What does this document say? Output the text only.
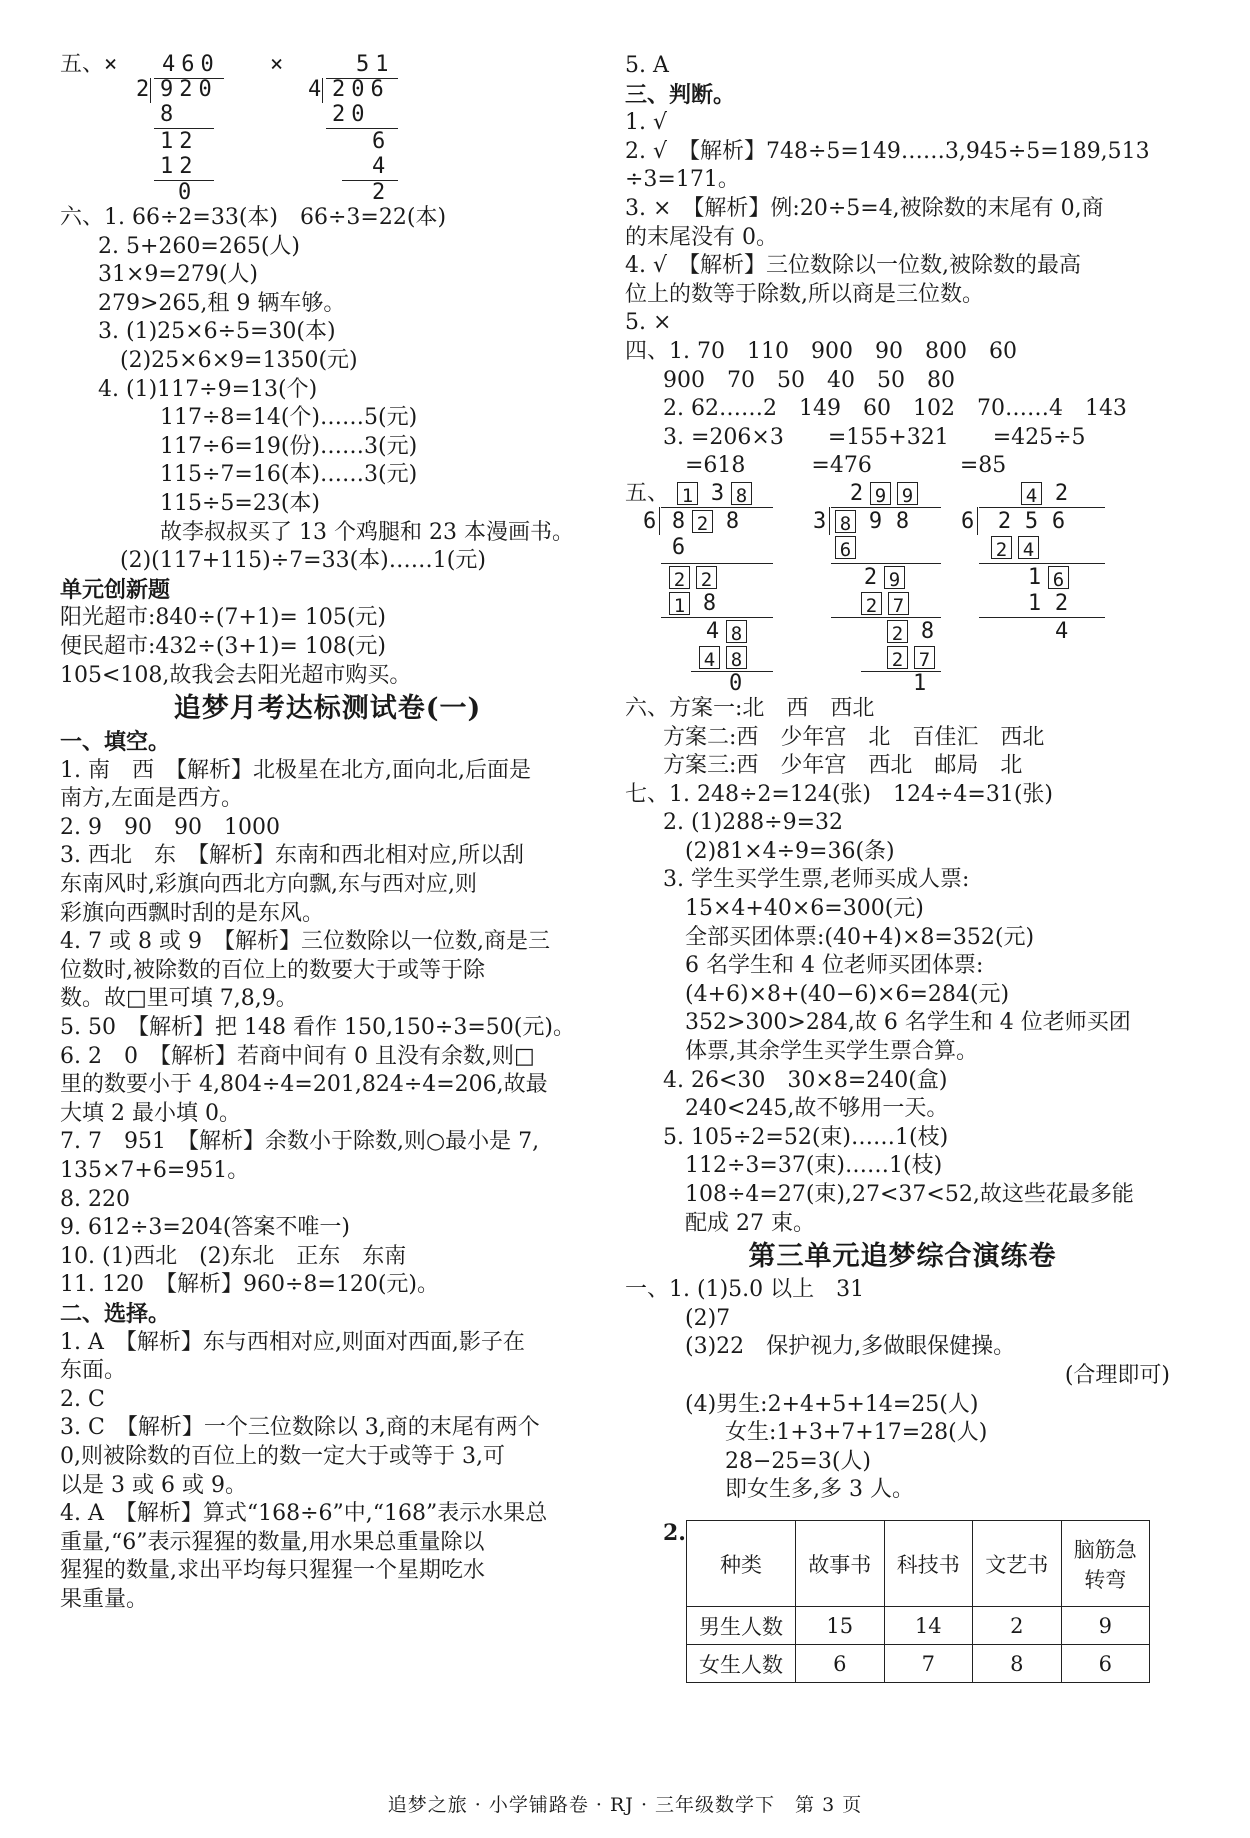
五、× 460
2 920
8
12
12
0
×	51
4 206
20
6
4
2
六、1. 66÷2=33(本)　66÷3=22(本)
2. 5+260=265(人)
31×9=279(人)
279>265,租 9 辆车够。
3. (1)25×6÷5=30(本)
(2)25×6×9=1350(元)
4. (1)117÷9=13(个)
117÷8=14(个)……5(元)
117÷6=19(份)……3(元)
115÷7=16(本)……3(元)
115÷5=23(本)
故李叔叔买了 13 个鸡腿和 23 本漫画书。
(2)(117+115)÷7=33(本)……1(元)
单元创新题
阳光超市:840÷(7+1)= 105(元)
便民超市:432÷(3+1)= 108(元)
105<108,故我会去阳光超市购买。
追梦月考达标测试卷(一)
一、填空。
1. 南　西　【解析】北极星在北方,面向北,后面是
南方,左面是西方。
2. 9　90　90　1000
3. 西北　东　【解析】东南和西北相对应,所以刮
东南风时,彩旗向西北方向飘,东与西对应,则
彩旗向西飘时刮的是东风。
4. 7 或 8 或 9　【解析】三位数除以一位数,商是三
位数时,被除数的百位上的数要大于或等于除
数。故□里可填 7,8,9。
5. 50　【解析】把 148 看作 150,150÷3=50(元)。
6. 2　0　【解析】若商中间有 0 且没有余数,则□
里的数要小于 4,804÷4=201,824÷4=206,故最
大填 2 最小填 0。
7. 7　951　【解析】余数小于除数,则○最小是 7,
135×7+6=951。
8. 220
9. 612÷3=204(答案不唯一)
10. (1)西北　(2)东北　正东　东南
11. 120　【解析】960÷8=120(元)。
二、选择。
1. A　【解析】东与西相对应,则面对西面,影子在
东面。
2. C
3. C　【解析】一个三位数除以 3,商的末尾有两个
0,则被除数的百位上的数一定大于或等于 3,可
以是 3 或 6 或 9。
4. A　【解析】算式“168÷6”中,“168”表示水果总
重量,“6”表示猩猩的数量,用水果总重量除以
猩猩的数量,求出平均每只猩猩一个星期吃水
果重量。
5. A
三、判断。
1. √
2. √　【解析】748÷5=149……3,945÷5=189,513
÷3=171。
3. ×　【解析】例:20÷5=4,被除数的末尾有 0,商
的末尾没有 0。
4. √　【解析】三位数除以一位数,被除数的最高
位上的数等于除数,所以商是三位数。
5. ×
四、1. 70　110　900　90　800　60
900　70　50　40　50　80
2. 62……2　149　60　102　70……4　143
3. =206×3　　=155+321　　=425÷5
=618　　　=476　　　　=85
五、 1 3 8
6 8 2 8
6
2 2
1 8
4 8
4 8
0
2 9 9
3 8 9 8
6
2 9
2 7
2 8
2 7
1
4 2
6	2 5 6
2 4
1 6
1 2
4
六、方案一:北　西　西北
方案二:西　少年宫　北　百佳汇　西北
方案三:西　少年宫　西北　邮局　北
七、1. 248÷2=124(张)　124÷4=31(张)
2. (1)288÷9=32
(2)81×4÷9=36(条)
3. 学生买学生票,老师买成人票:
15×4+40×6=300(元)
全部买团体票:(40+4)×8=352(元)
6 名学生和 4 位老师买团体票:
(4+6)×8+(40−6)×6=284(元)
352>300>284,故 6 名学生和 4 位老师买团
体票,其余学生买学生票合算。
4. 26<30　30×8=240(盒)
240<245,故不够用一天。
5. 105÷2=52(束)……1(枝)
112÷3=37(束)……1(枝)
108÷4=27(束),27<37<52,故这些花最多能
配成 27 束。
第三单元追梦综合演练卷
一、1. (1)5.0 以上　31
(2)7
(3)22　保护视力,多做眼保健操。
(合理即可)
(4)男生:2+4+5+14=25(人)
女生:1+3+7+17=28(人)
28−25=3(人)
即女生多,多 3 人。
2.
种类	故事书	科技书	文艺书	脑筋急
转弯

男生人数	15	14	2	9
女生人数	6	7	8	6
追梦之旅 · 小学铺路卷 · RJ · 三年级数学下　第 3 页
